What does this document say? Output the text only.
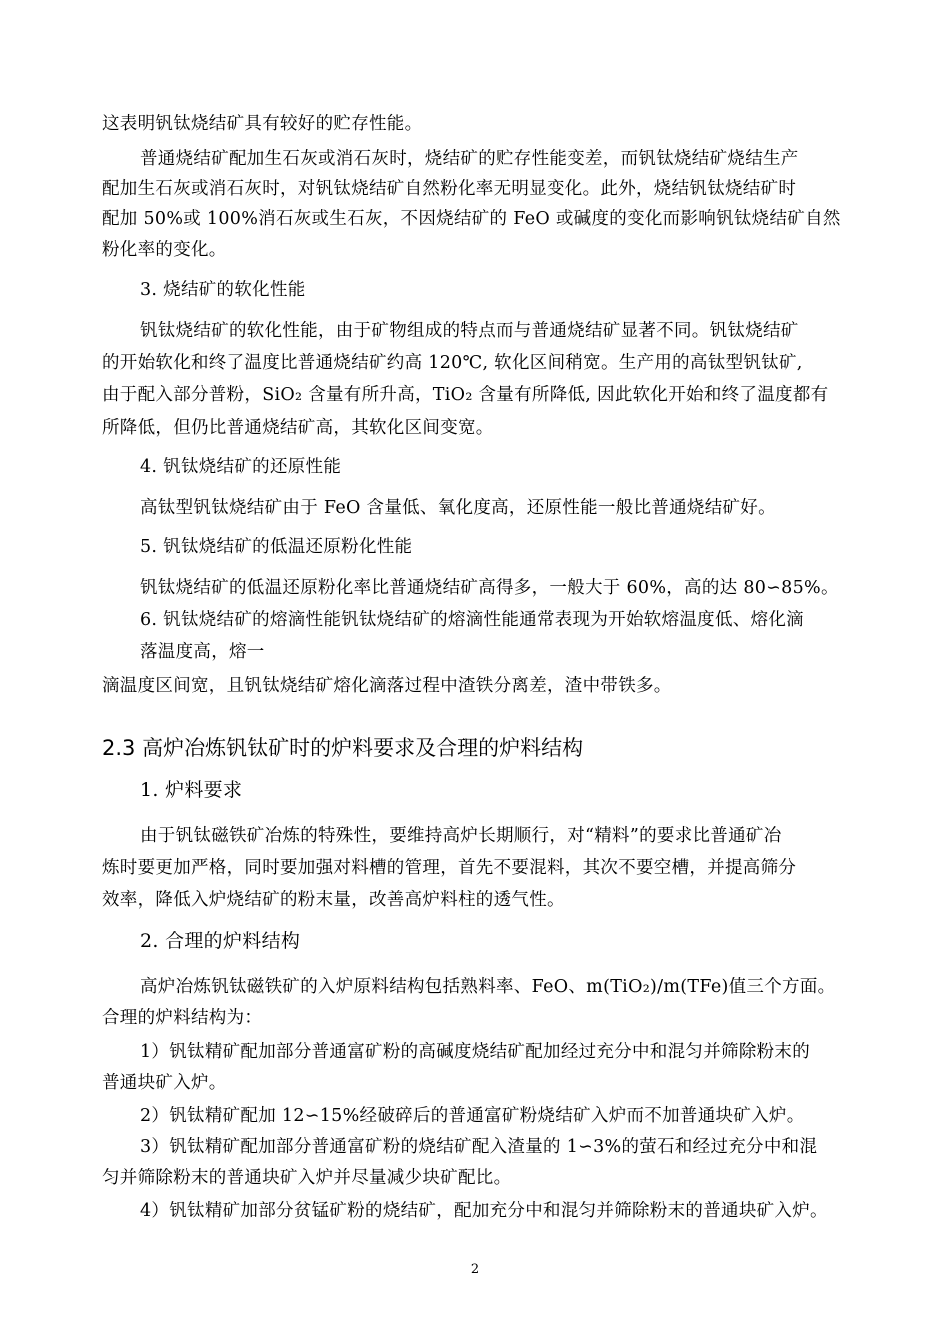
这表明钒钛烧结矿具有较好的贮存性能。
普通烧结矿配加生石灰或消石灰时，烧结矿的贮存性能变差，而钒钛烧结矿烧结生产
配加生石灰或消石灰时，对钒钛烧结矿自然粉化率无明显变化。此外，烧结钒钛烧结矿时
配加 50%或 100%消石灰或生石灰，不因烧结矿的 FeO 或碱度的变化而影响钒钛烧结矿自然
粉化率的变化。
3. 烧结矿的软化性能
钒钛烧结矿的软化性能，由于矿物组成的特点而与普通烧结矿显著不同。钒钛烧结矿
的开始软化和终了温度比普通烧结矿约高 120℃, 软化区间稍宽。生产用的高钛型钒钛矿,
由于配入部分普粉，SiO₂ 含量有所升高，TiO₂ 含量有所降低, 因此软化开始和终了温度都有
所降低，但仍比普通烧结矿高，其软化区间变宽。
4. 钒钛烧结矿的还原性能
高钛型钒钛烧结矿由于 FeO 含量低、氧化度高，还原性能一般比普通烧结矿好。
5. 钒钛烧结矿的低温还原粉化性能
钒钛烧结矿的低温还原粉化率比普通烧结矿高得多，一般大于 60%，高的达 80∽85%。
6. 钒钛烧结矿的熔滴性能钒钛烧结矿的熔滴性能通常表现为开始软熔温度低、熔化滴
落温度高，熔一
滴温度区间宽，且钒钛烧结矿熔化滴落过程中渣铁分离差，渣中带铁多。
2.3 高炉冶炼钒钛矿时的炉料要求及合理的炉料结构
1. 炉料要求
由于钒钛磁铁矿冶炼的特殊性，要维持高炉长期顺行，对“精料”的要求比普通矿冶
炼时要更加严格，同时要加强对料槽的管理，首先不要混料，其次不要空槽，并提高筛分
效率，降低入炉烧结矿的粉末量，改善高炉料柱的透气性。
2. 合理的炉料结构
高炉冶炼钒钛磁铁矿的入炉原料结构包括熟料率、FeO、m(TiO₂)/m(TFe)值三个方面。
合理的炉料结构为：
1）钒钛精矿配加部分普通富矿粉的高碱度烧结矿配加经过充分中和混匀并筛除粉末的
普通块矿入炉。
2）钒钛精矿配加 12∽15%经破碎后的普通富矿粉烧结矿入炉而不加普通块矿入炉。
3）钒钛精矿配加部分普通富矿粉的烧结矿配入渣量的 1∽3%的萤石和经过充分中和混
匀并筛除粉末的普通块矿入炉并尽量减少块矿配比。
4）钒钛精矿加部分贫锰矿粉的烧结矿，配加充分中和混匀并筛除粉末的普通块矿入炉。
2
